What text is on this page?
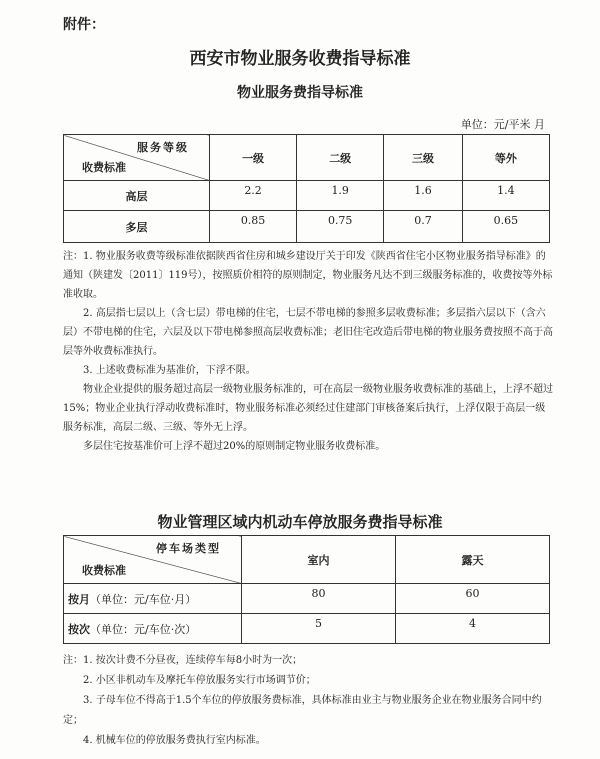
附件：
西安市物业服务收费指导标准
物业服务费指导标准
单位：元/平米 月
服务等级
收费标准	一级	二级	三级	等外
高层	2.2	1.9	1.6	1.4
多层	0.85	0.75	0.7	0.65

注：1. 物业服务收费等级标准依据陕西省住房和城乡建设厅关于印发《陕西省住宅小区物业服务指导标准》的通知（陕建发〔2011〕119号），按照质价相符的原则制定，物业服务凡达不到三级服务标准的，收费按等外标准收取。

2. 高层指七层以上（含七层）带电梯的住宅，七层不带电梯的参照多层收费标准；多层指六层以下（含六层）不带电梯的住宅，六层及以下带电梯参照高层收费标准；老旧住宅改造后带电梯的物业服务费按照不高于高层等外收费标准执行。

3. 上述收费标准为基准价，下浮不限。

物业企业提供的服务超过高层一级物业服务标准的，可在高层一级物业服务收费标准的基础上，上浮不超过15%；物业企业执行浮动收费标准时，物业服务标准必须经过住建部门审核备案后执行，上浮仅限于高层一级服务标准，高层二级、三级、等外无上浮。

多层住宅按基准价可上浮不超过20%的原则制定物业服务收费标准。

物业管理区域内机动车停放服务费指导标准
停车场类型
收费标准	室内	露天
按月（单位：元/车位·月）	80	60
按次（单位：元/车位·次）	5	4

注：1. 按次计费不分昼夜，连续停车每8小时为一次；

2. 小区非机动车及摩托车停放服务实行市场调节价；

3. 子母车位不得高于1.5个车位的停放服务费标准，具体标准由业主与物业服务企业在物业服务合同中约定；

4. 机械车位的停放服务费执行室内标准。
